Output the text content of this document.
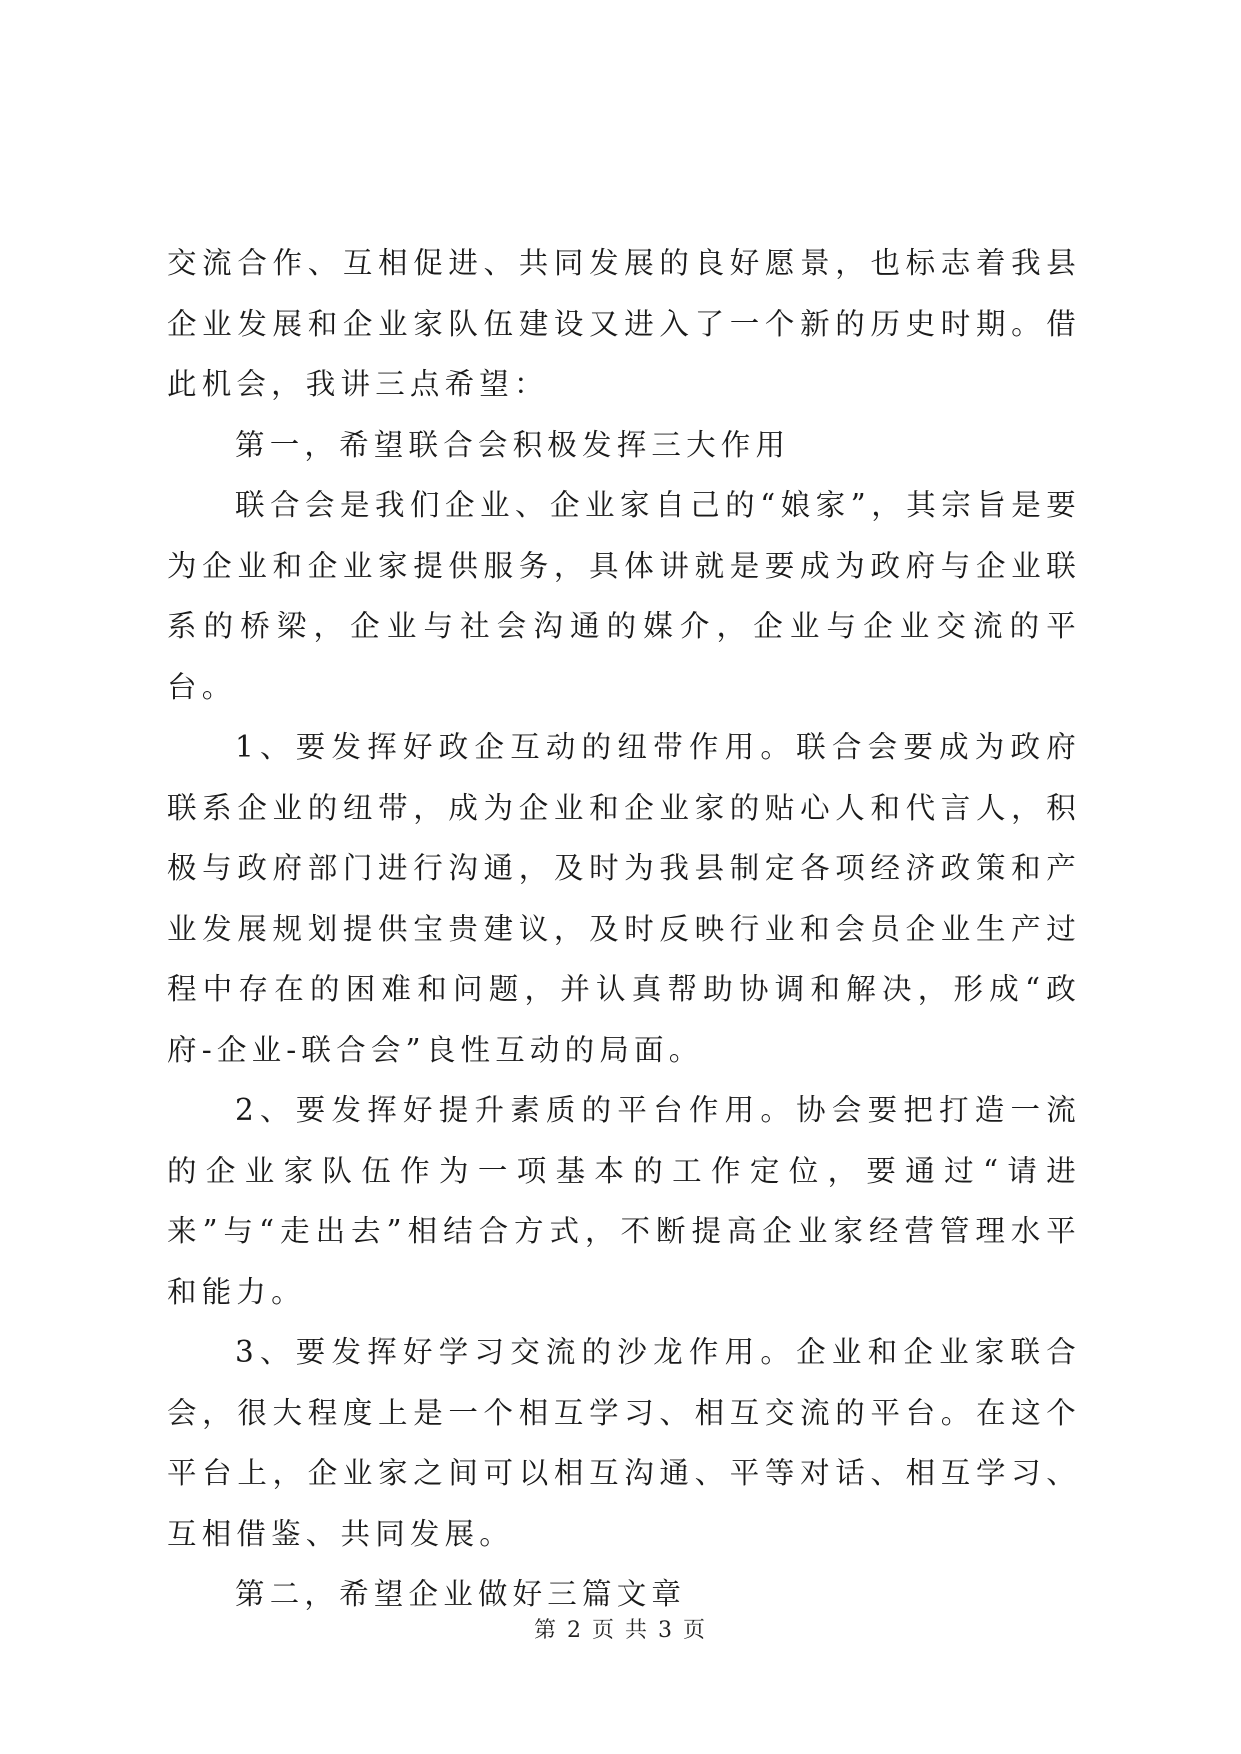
交流合作、互相促进、共同发展的良好愿景，也标志着我县企业发展和企业家队伍建设又进入了一个新的历史时期。借此机会，我讲三点希望：

第一，希望联合会积极发挥三大作用

联合会是我们企业、企业家自己的“娘家”，其宗旨是要为企业和企业家提供服务，具体讲就是要成为政府与企业联系的桥梁，企业与社会沟通的媒介，企业与企业交流的平台。

1、要发挥好政企互动的纽带作用。联合会要成为政府联系企业的纽带，成为企业和企业家的贴心人和代言人，积极与政府部门进行沟通，及时为我县制定各项经济政策和产业发展规划提供宝贵建议，及时反映行业和会员企业生产过程中存在的困难和问题，并认真帮助协调和解决，形成“政府-企业-联合会”良性互动的局面。

2、要发挥好提升素质的平台作用。协会要把打造一流的企业家队伍作为一项基本的工作定位，要通过“请进来”与“走出去”相结合方式，不断提高企业家经营管理水平和能力。

3、要发挥好学习交流的沙龙作用。企业和企业家联合会，很大程度上是一个相互学习、相互交流的平台。在这个平台上，企业家之间可以相互沟通、平等对话、相互学习、互相借鉴、共同发展。

第二，希望企业做好三篇文章

第 2 页 共 3 页
